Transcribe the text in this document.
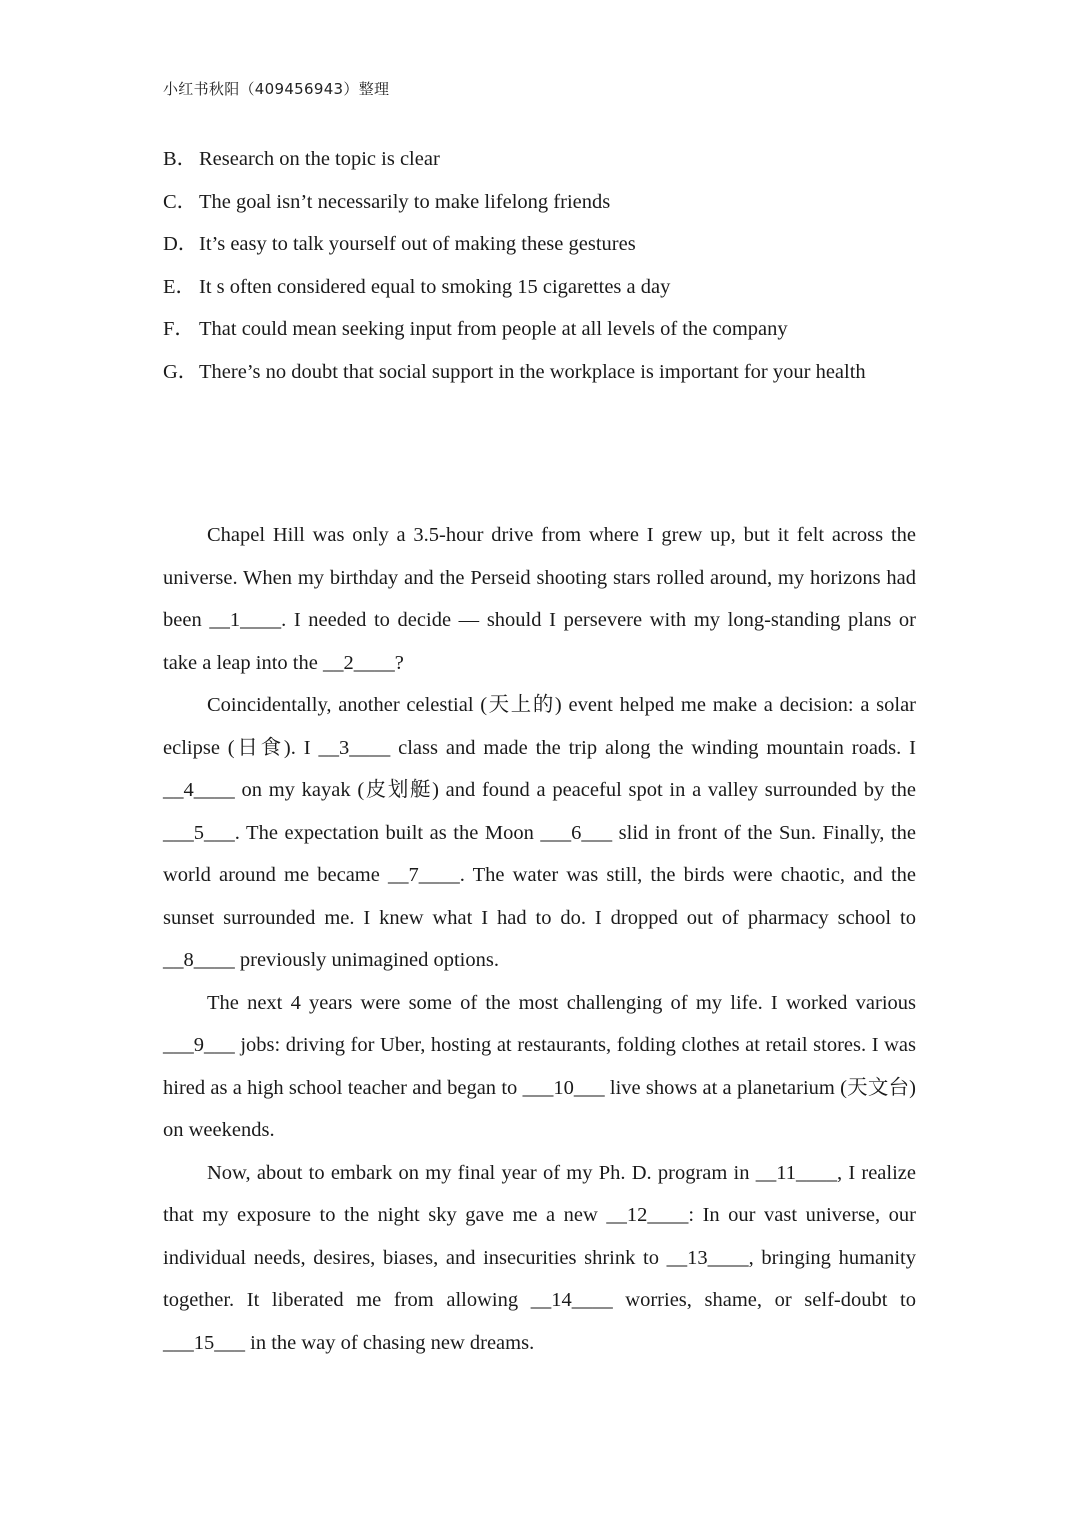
小红书秋阳（409456943）整理
B．Research on the topic is clear
C．The goal isn’t necessarily to make lifelong friends
D．It’s easy to talk yourself out of making these gestures
E． It s often considered equal to smoking 15 cigarettes a day
F． That could mean seeking input from people at all levels of the company
G．There’s no doubt that social support in the workplace is important for your health

Chapel Hill was only a 3.5-hour drive from where I grew up, but it felt across the universe. When my birthday and the Perseid shooting stars rolled around, my horizons had been __1____. I needed to decide — should I persevere with my long-standing plans or take a leap into the __2____?

Coincidentally, another celestial (天上的) event helped me make a decision: a solar eclipse (日食). I __3____ class and made the trip along the winding mountain roads. I __4____ on my kayak (皮划艇) and found a peaceful spot in a valley surrounded by the ___5___. The expectation built as the Moon ___6___ slid in front of the Sun. Finally, the world around me became __7____. The water was still, the birds were chaotic, and the sunset surrounded me. I knew what I had to do. I dropped out of pharmacy school to __8____ previously unimagined options.

The next 4 years were some of the most challenging of my life. I worked various ___9___ jobs: driving for Uber, hosting at restaurants, folding clothes at retail stores. I was hired as a high school teacher and began to ___10___ live shows at a planetarium (天文台) on weekends.

Now, about to embark on my final year of my Ph. D. program in __11____, I realize that my exposure to the night sky gave me a new __12____: In our vast universe, our individual needs, desires, biases, and insecurities shrink to __13____, bringing humanity together. It liberated me from allowing __14____ worries, shame, or self-doubt to ___15___ in the way of chasing new dreams.
